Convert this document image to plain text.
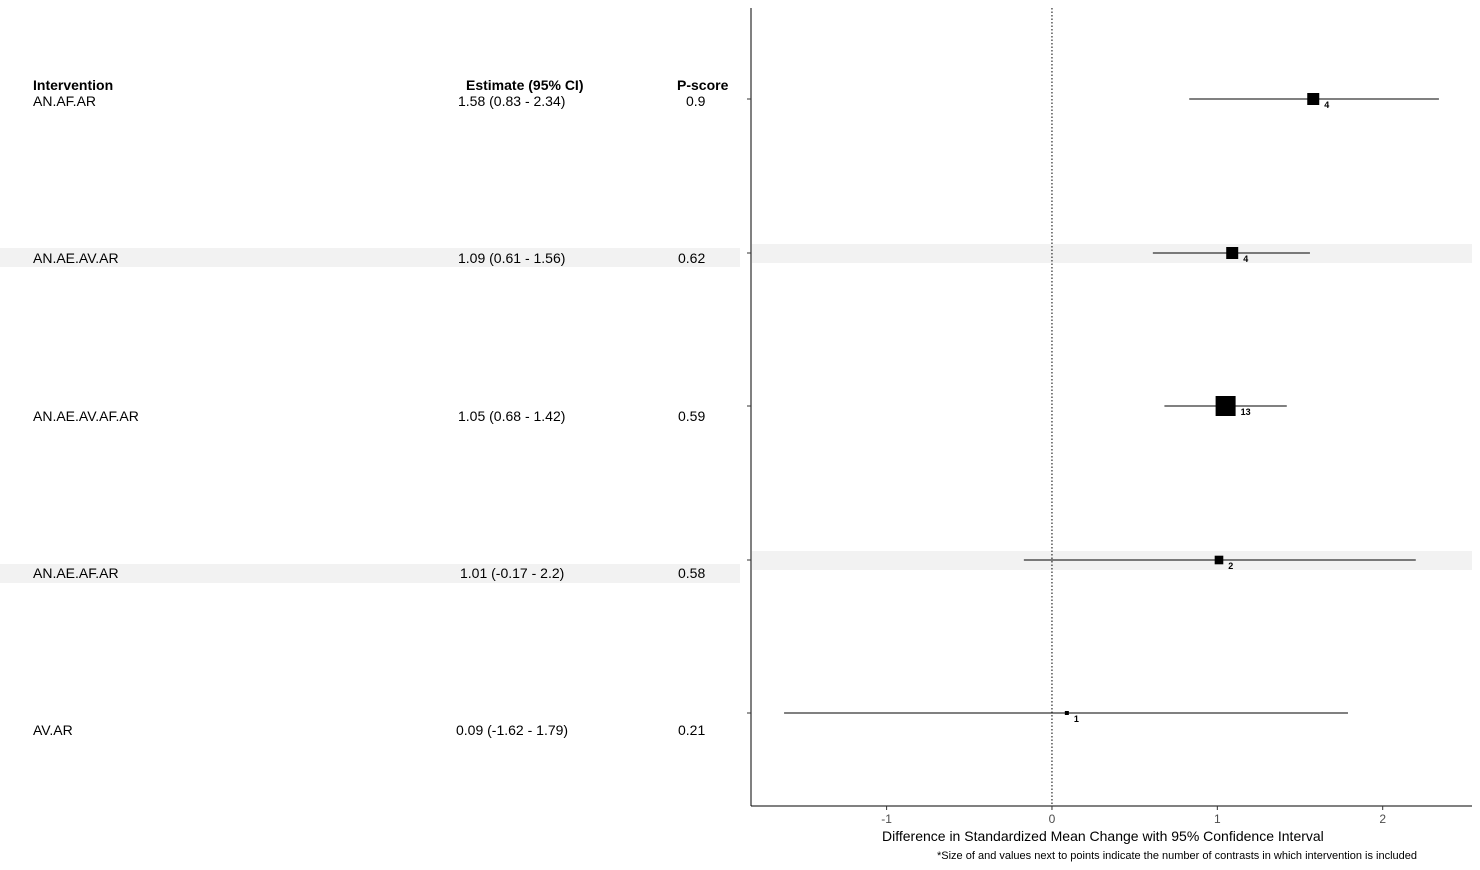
Intervention	Estimate (95% CI)	P-score
AN.AF.AR	1.58 (0.83 - 2.34)	0.9
AN.AE.AV.AR	1.09 (0.61 - 1.56)	0.62
AN.AE.AV.AF.AR	1.05 (0.68 - 1.42)	0.59
AN.AE.AF.AR	1.01 (-0.17 - 2.2)	0.58
AV.AR	0.09 (-1.62 - 1.79)	0.21
-1	0	1	2
4
4
13
2
1
Difference in Standardized Mean Change with 95% Confidence Interval
*Size of and values next to points indicate the number of contrasts in which intervention is included
